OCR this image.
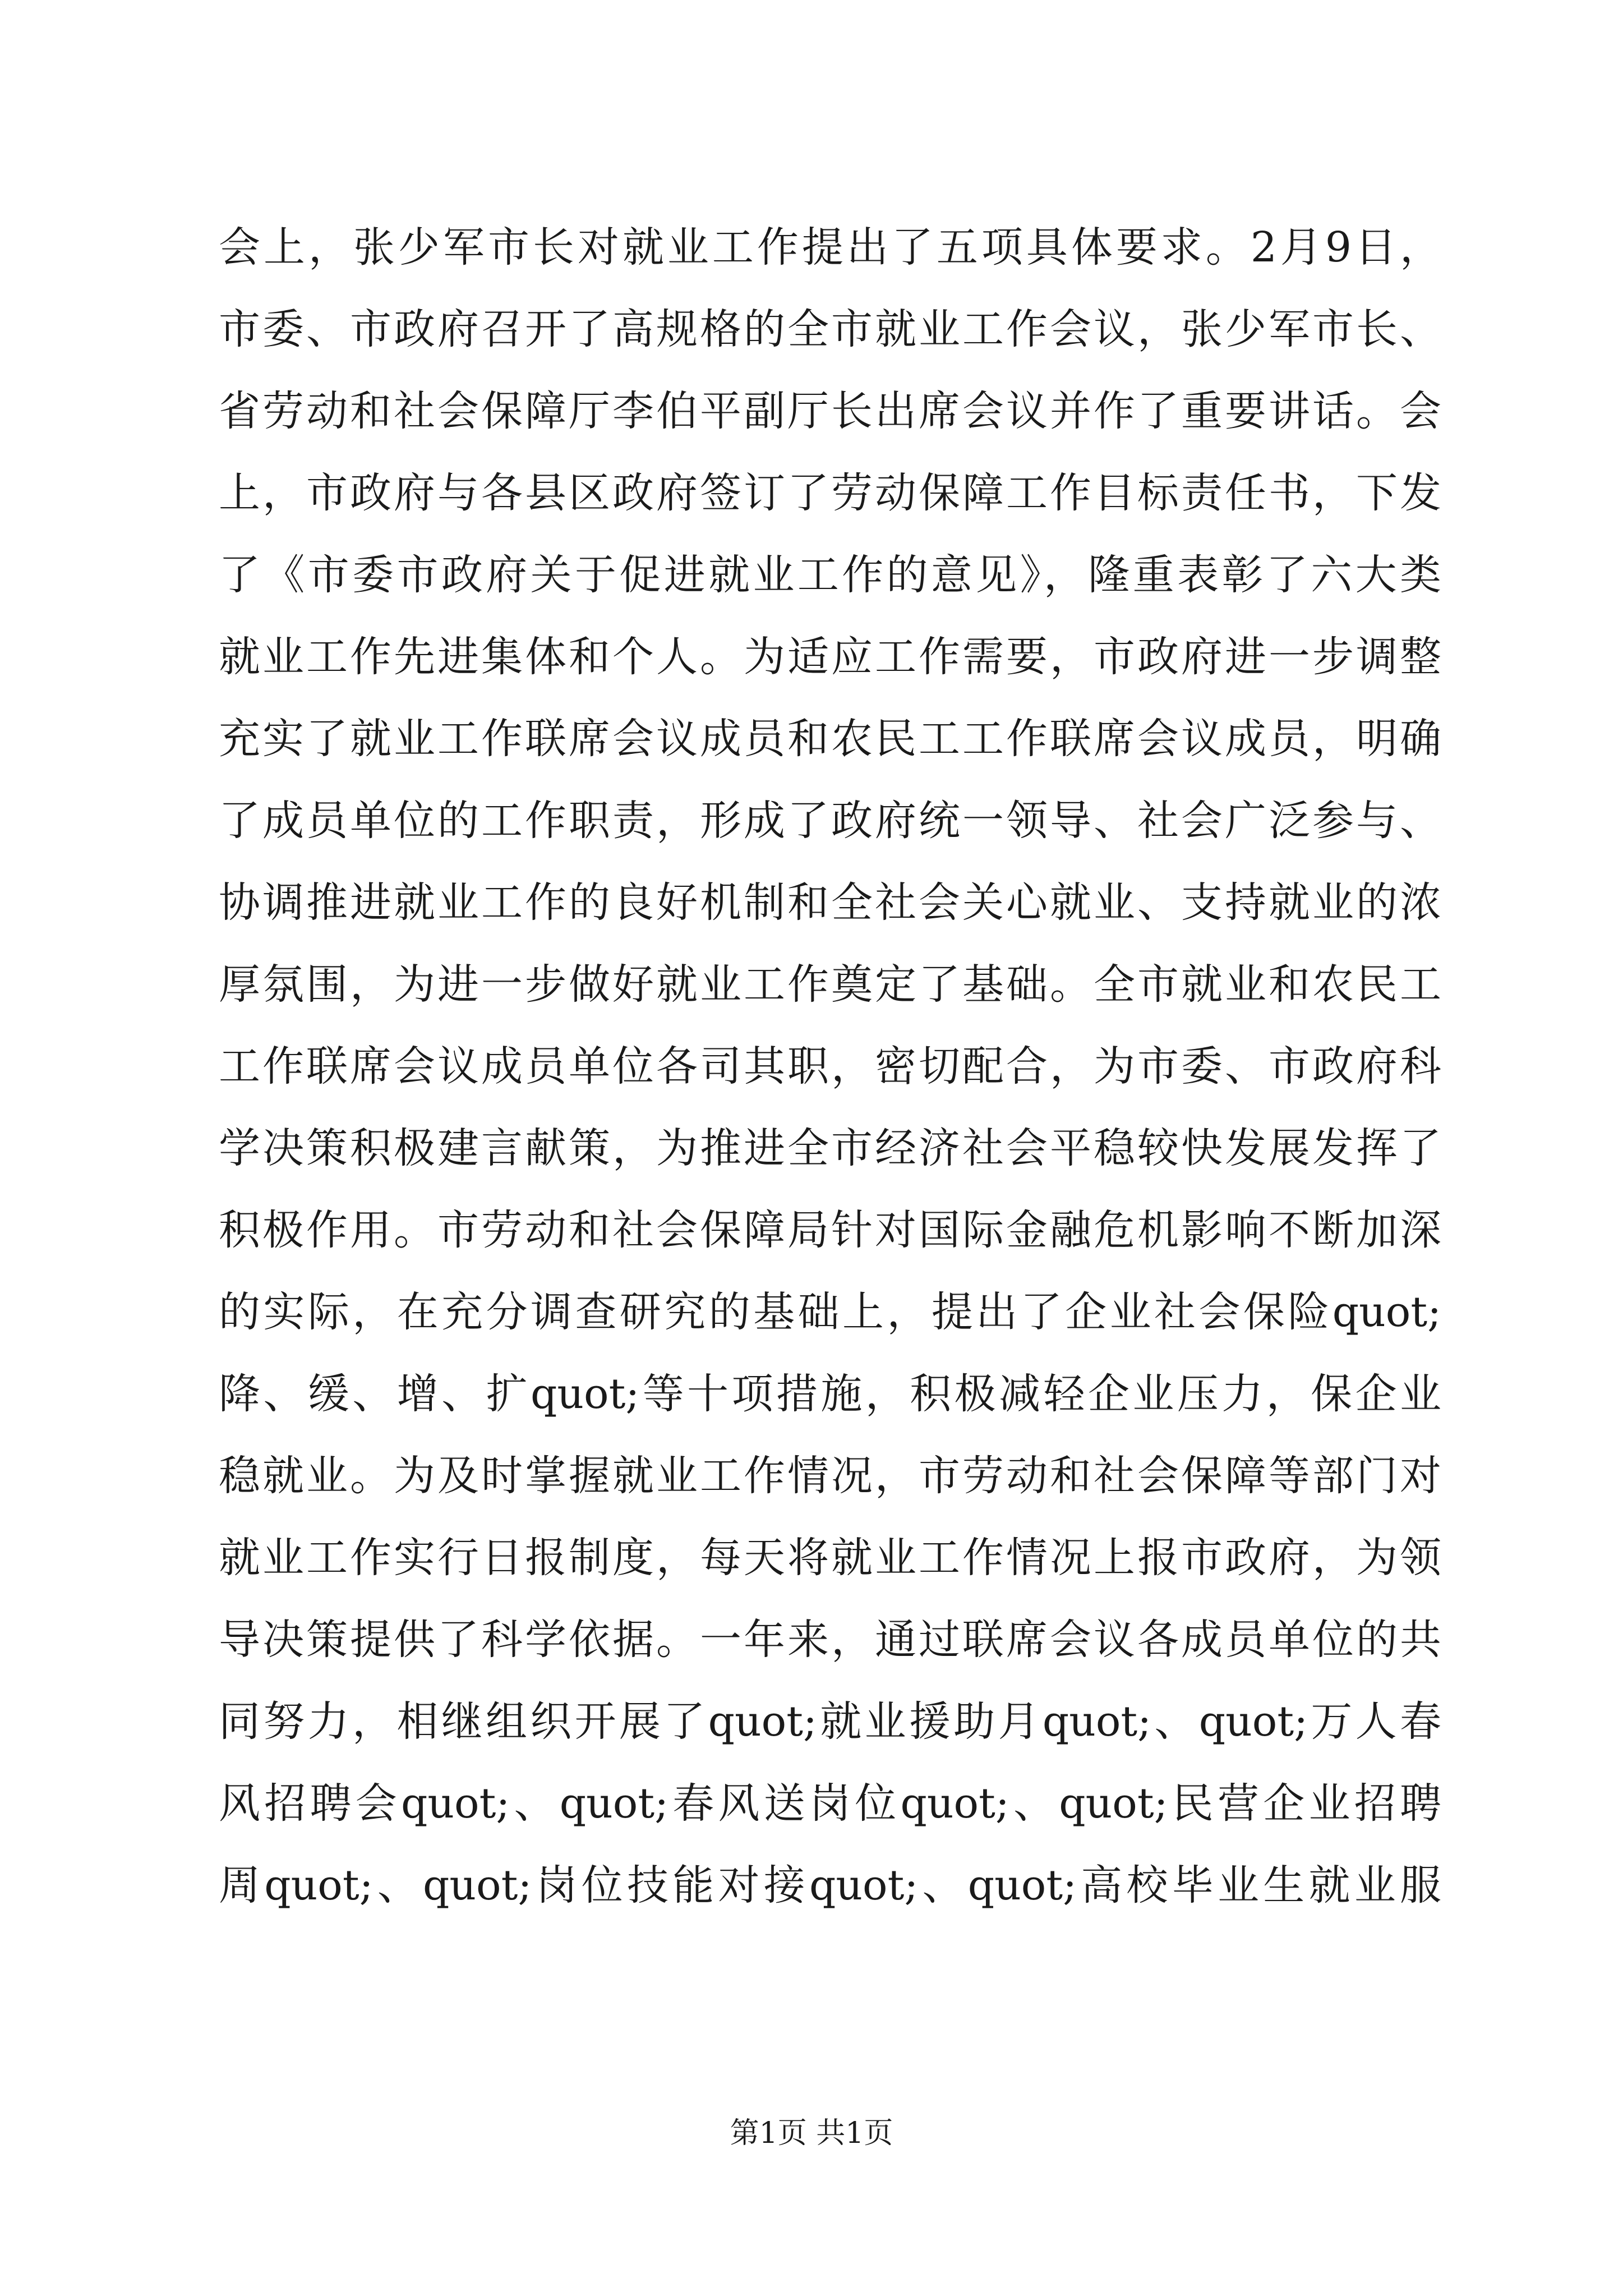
会上，张少军市长对就业工作提出了五项具体要求。2月9日，
市委、市政府召开了高规格的全市就业工作会议，张少军市长、
省劳动和社会保障厅李伯平副厅长出席会议并作了重要讲话。会
上，市政府与各县区政府签订了劳动保障工作目标责任书，下发
了《市委市政府关于促进就业工作的意见》，隆重表彰了六大类
就业工作先进集体和个人。为适应工作需要，市政府进一步调整
充实了就业工作联席会议成员和农民工工作联席会议成员，明确
了成员单位的工作职责，形成了政府统一领导、社会广泛参与、
协调推进就业工作的良好机制和全社会关心就业、支持就业的浓
厚氛围，为进一步做好就业工作奠定了基础。全市就业和农民工
工作联席会议成员单位各司其职，密切配合，为市委、市政府科
学决策积极建言献策，为推进全市经济社会平稳较快发展发挥了
积极作用。市劳动和社会保障局针对国际金融危机影响不断加深
的实际，在充分调查研究的基础上，提出了企业社会保险quot;
降、缓、增、扩quot;等十项措施，积极减轻企业压力，保企业
稳就业。为及时掌握就业工作情况，市劳动和社会保障等部门对
就业工作实行日报制度，每天将就业工作情况上报市政府，为领
导决策提供了科学依据。一年来，通过联席会议各成员单位的共
同努力，相继组织开展了quot;就业援助月quot;、quot;万人春
风招聘会quot;、quot;春风送岗位quot;、quot;民营企业招聘
周quot;、quot;岗位技能对接quot;、quot;高校毕业生就业服
第1页 共1页
